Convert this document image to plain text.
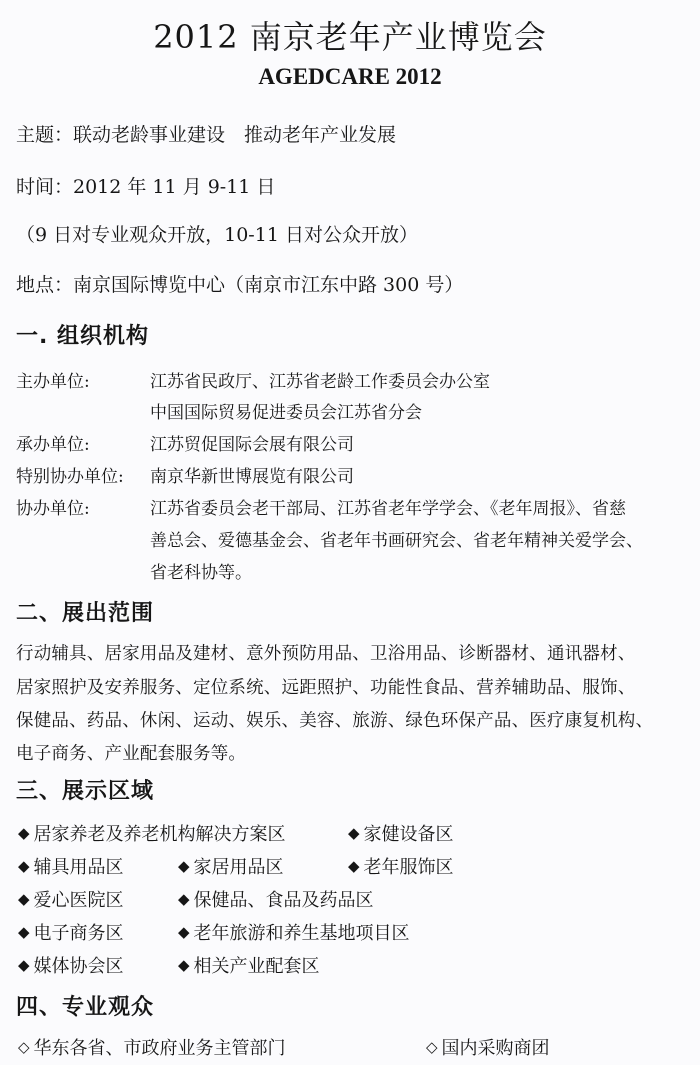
2012 南京老年产业博览会
AGEDCARE 2012
主题：联动老龄事业建设　推动老年产业发展
时间：2012 年 11 月 9-11 日
（9 日对专业观众开放，10-11 日对公众开放）
地点：南京国际博览中心（南京市江东中路 300 号）
一. 组织机构
主办单位:	江苏省民政厅、江苏省老龄工作委员会办公室
中国国际贸易促进委员会江苏省分会
承办单位:	江苏贸促国际会展有限公司
特别协办单位: 南京华新世博展览有限公司
协办单位:	江苏省委员会老干部局、江苏省老年学学会、《老年周报》、省慈
善总会、爱德基金会、省老年书画研究会、省老年精神关爱学会、
省老科协等。
二、展出范围
行动辅具、居家用品及建材、意外预防用品、卫浴用品、诊断器材、通讯器材、
居家照护及安养服务、定位系统、远距照护、功能性食品、营养辅助品、服饰、
保健品、药品、休闲、运动、娱乐、美容、旅游、绿色环保产品、医疗康复机构、
电子商务、产业配套服务等。
三、展示区域
◆ 居家养老及养老机构解决方案区	◆ 家健设备区
◆ 辅具用品区	◆ 家居用品区	◆ 老年服饰区
◆ 爱心医院区	◆ 保健品、食品及药品区
◆ 电子商务区	◆ 老年旅游和养生基地项目区
◆ 媒体协会区	◆ 相关产业配套区
四、专业观众
◇ 华东各省、市政府业务主管部门	◇ 国内采购商团
